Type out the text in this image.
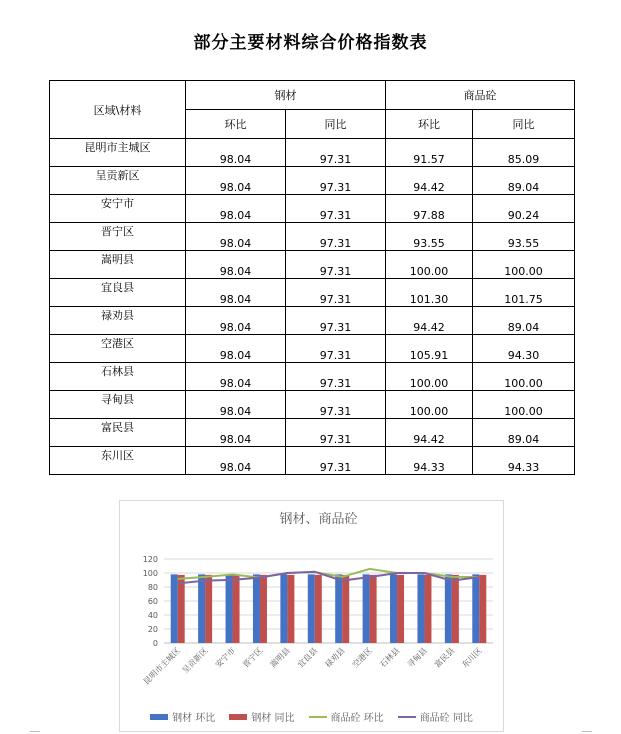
部分主要材料综合价格指数表
区域\材料	钢材		商品砼	
	环比	同比	环比	同比
昆明市主城区	98.04	97.31	91.57	85.09
呈贡新区	98.04	97.31	94.42	89.04
安宁市	98.04	97.31	97.88	90.24
晋宁区	98.04	97.31	93.55	93.55
嵩明县	98.04	97.31	100.00	100.00
宜良县	98.04	97.31	101.30	101.75
禄劝县	98.04	97.31	94.42	89.04
空港区	98.04	97.31	105.91	94.30
石林县	98.04	97.31	100.00	100.00
寻甸县	98.04	97.31	100.00	100.00
富民县	98.04	97.31	94.42	89.04
东川区	98.04	97.31	94.33	94.33
钢材、商品砼
0
20
40
60
80
100
120
昆明市主城区
呈贡新区 安宁市 晋宁区 嵩明县 宜良县 禄劝县 空港区 石林县 寻甸县 富民县 东川区
钢材 环比	钢材 同比	商品砼 环比	商品砼 同比
